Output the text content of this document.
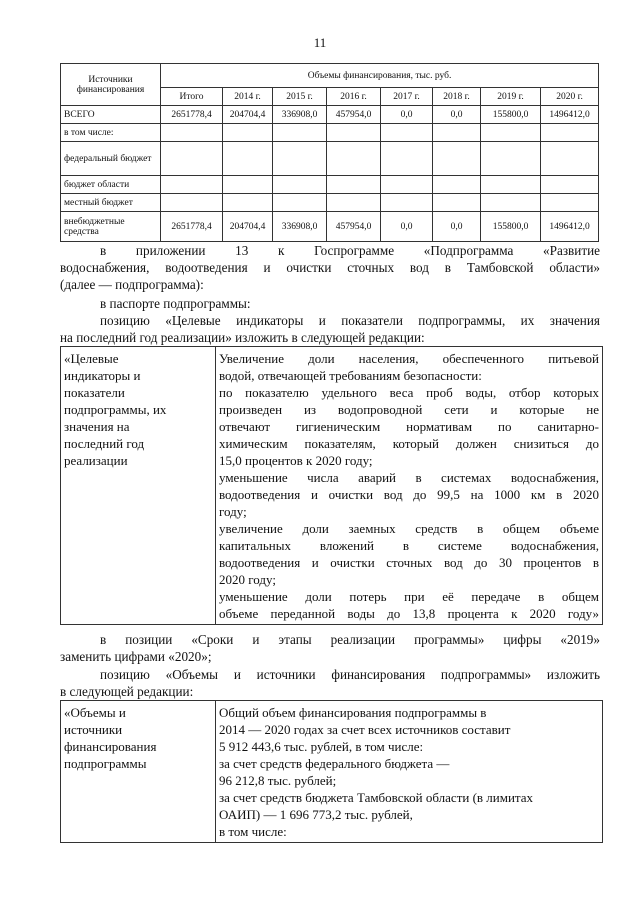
11
Источники финансирования	Объемы финансирования, тыс. руб.							
	Итого	2014 г.	2015 г.	2016 г.	2017 г.	2018 г.	2019 г.	2020 г.
ВСЕГО	2651778,4	204704,4	336908,0	457954,0	0,0	0,0	155800,0	1496412,0
в том числе:								
федеральный бюджет								
бюджет области								
местный бюджет								
внебюджетные средства	2651778,4	204704,4	336908,0	457954,0	0,0	0,0	155800,0	1496412,0
в приложении 13 к Госпрограмме «Подпрограмма «Развитие
водоснабжения, водоотведения и очистки сточных вод в Тамбовской области»
(далее — подпрограмма):
в паспорте подпрограммы:
позицию «Целевые индикаторы и показатели подпрограммы, их значения
на последний год реализации» изложить в следующей редакции:
«Целевые
индикаторы и
показатели
подпрограммы, их
значения на
последний год
реализации

Увеличение доли населения, обеспеченного питьевой
водой, отвечающей требованиям безопасности:
по показателю удельного веса проб воды, отбор которых
произведен из водопроводной сети и которые не
отвечают гигиеническим нормативам по санитарно-
химическим показателям, который должен снизиться до
15,0 процентов к 2020 году;
уменьшение числа аварий в системах водоснабжения,
водоотведения и очистки вод до 99,5 на 1000 км в 2020
году;
увеличение доли заемных средств в общем объеме
капитальных вложений в системе водоснабжения,
водоотведения и очистки сточных вод до 30 процентов в
2020 году;
уменьшение доли потерь при её передаче в общем
объеме переданной воды до 13,8 процента к 2020 году»
в позиции «Сроки и этапы реализации программы» цифры «2019»
заменить цифрами «2020»;
позицию «Объемы и источники финансирования подпрограммы» изложить
в следующей редакции:
«Объемы и
источники
финансирования
подпрограммы

Общий объем финансирования подпрограммы в
2014 — 2020 годах за счет всех источников составит
5 912 443,6 тыс. рублей, в том числе:
за счет средств федерального бюджета —
96 212,8 тыс. рублей;
за счет средств бюджета Тамбовской области (в лимитах
ОАИП) — 1 696 773,2 тыс. рублей,
в том числе:
